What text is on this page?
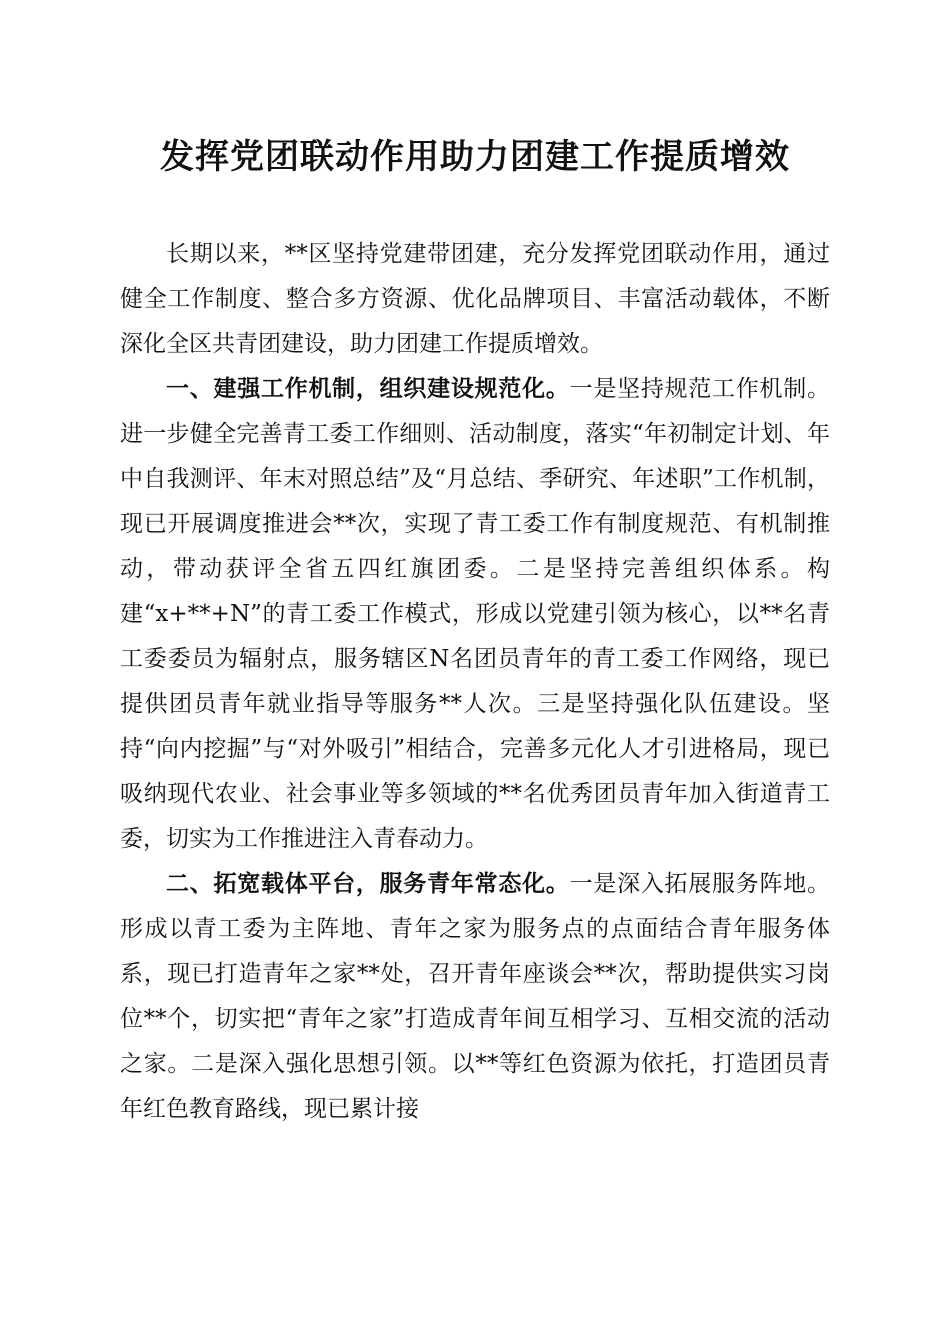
发挥党团联动作用助力团建工作提质增效

长期以来，**区坚持党建带团建，充分发挥党团联动作用，通过健全工作制度、整合多方资源、优化品牌项目、丰富活动载体，不断深化全区共青团建设，助力团建工作提质增效。

一、建强工作机制，组织建设规范化。一是坚持规范工作机制。进一步健全完善青工委工作细则、活动制度，落实“年初制定计划、年中自我测评、年末对照总结”及“月总结、季研究、年述职”工作机制，现已开展调度推进会**次，实现了青工委工作有制度规范、有机制推动，带动获评全省五四红旗团委。二是坚持完善组织体系。构建“x+**+N”的青工委工作模式，形成以党建引领为核心，以**名青工委委员为辐射点，服务辖区N名团员青年的青工委工作网络，现已提供团员青年就业指导等服务**人次。三是坚持强化队伍建设。坚持“向内挖掘”与“对外吸引”相结合，完善多元化人才引进格局，现已吸纳现代农业、社会事业等多领域的**名优秀团员青年加入街道青工委，切实为工作推进注入青春动力。

二、拓宽载体平台，服务青年常态化。一是深入拓展服务阵地。形成以青工委为主阵地、青年之家为服务点的点面结合青年服务体系，现已打造青年之家**处，召开青年座谈会**次，帮助提供实习岗位**个，切实把“青年之家”打造成青年间互相学习、互相交流的活动之家。二是深入强化思想引领。以**等红色资源为依托，打造团员青年红色教育路线，现已累计接
